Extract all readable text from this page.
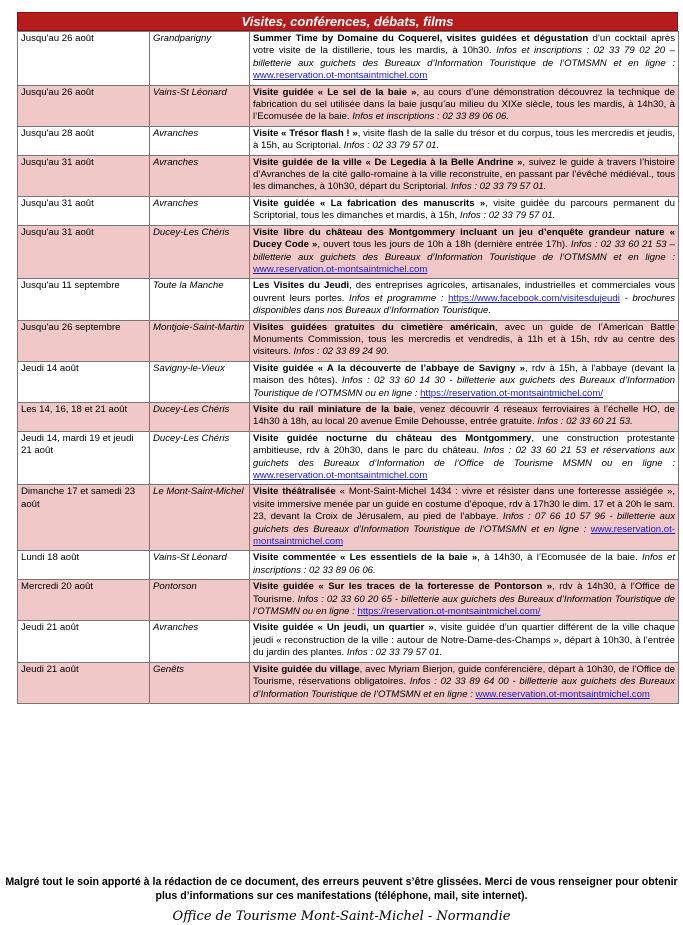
Visites, conférences, débats, films
Jusqu'au 26 août	Grandparigny	Summer Time by Domaine du Coquerel, visites guidées et dégustation d’un cocktail après votre visite de la distillerie, tous les mardis, à 10h30. Infos et inscriptions : 02 33 79 02 20 – billetterie aux guichets des Bureaux d’Information Touristique de l’OTMSMN et en ligne : www.reservation.ot-montsaintmichel.com
Jusqu'au 26 août	Vains-St Léonard	Visite guidée « Le sel de la baie », au cours d’une démonstration découvrez la technique de fabrication du sel utilisée dans la baie jusqu’au milieu du XIXe siècle, tous les mardis, à 14h30, à l’Ecomusée de la baie. Infos et inscriptions : 02 33 89 06 06.
Jusqu'au 28 août	Avranches	Visite « Trésor flash ! », visite flash de la salle du trésor et du corpus, tous les mercredis et jeudis, à 15h, au Scriptorial. Infos : 02 33 79 57 01.
Jusqu'au 31 août	Avranches	Visite guidée de la ville « De Legedia à la Belle Andrine », suivez le guide à travers l’histoire d’Avranches de la cité gallo-romaine à la ville reconstruite, en passant par l’évêché médiéval., tous les dimanches, à 10h30, départ du Scriptorial. Infos : 02 33 79 57 01.
Jusqu'au 31 août	Avranches	Visite guidée « La fabrication des manuscrits », visite guidée du parcours permanent du Scriptorial, tous les dimanches et mardis, à 15h, Infos : 02 33 79 57 01.
Jusqu'au 31 août	Ducey-Les Chéris	Visite libre du château des Montgommery incluant un jeu d’enquête grandeur nature « Ducey Code », ouvert tous les jours de 10h à 18h (dernière entrée 17h). Infos : 02 33 60 21 53 – billetterie aux guichets des Bureaux d’Information Touristique de l’OTMSMN et en ligne : www.reservation.ot-montsaintmichel.com
Jusqu'au 11 septembre	Toute la Manche	Les Visites du Jeudi, des entreprises agricoles, artisanales, industrielles et commerciales vous ouvrent leurs portes. Infos et programme : https://www.facebook.com/visitesdujeudi - brochures disponibles dans nos Bureaux d’Information Touristique.
Jusqu'au 26 septembre	Montjoie-Saint-Martin	Visites guidées gratuites du cimetière américain, avec un guide de l’American Battle Monuments Commission, tous les mercredis et vendredis, à 11h et à 15h, rdv au centre des visiteurs. Infos : 02 33 89 24 90.
Jeudi 14 août	Savigny-le-Vieux	Visite guidée « A la découverte de l’abbaye de Savigny », rdv à 15h, à l’abbaye (devant la maison des hôtes). Infos : 02 33 60 14 30 - billetterie aux guichets des Bureaux d’Information Touristique de l’OTMSMN ou en ligne : https://reservation.ot-montsaintmichel.com/
Les 14, 16, 18 et 21 août	Ducey-Les Chéris	Visite du rail miniature de la baie, venez découvrir 4 réseaux ferroviaires à l’échelle HO, de 14h30 à 18h, au local 20 avenue Emile Dehousse, entrée gratuite. Infos : 02 33 60 21 53.
Jeudi 14, mardi 19 et jeudi 21 août	Ducey-Les Chéris	Visite guidée nocturne du château des Montgommery, une construction protestante ambitieuse, rdv à 20h30, dans le parc du château. Infos : 02 33 60 21 53 et réservations aux guichets des Bureaux d’Information de l’Office de Tourisme MSMN ou en ligne : www.reservation.ot-montsaintmichel.com
Dimanche 17 et samedi 23 août	Le Mont-Saint-Michel	Visite théâtralisée « Mont-Saint-Michel 1434 : vivre et résister dans une forteresse assiégée », visite immersive menée par un guide en costume d’époque, rdv à 17h30 le dim. 17 et à 20h le sam. 23, devant la Croix de Jérusalem, au pied de l’abbaye. Infos : 07 66 10 57 96 - billetterie aux guichets des Bureaux d’Information Touristique de l’OTMSMN et en ligne : www.reservation.ot-montsaintmichel.com
Lundi 18 août	Vains-St Léonard	Visite commentée « Les essentiels de la baie », à 14h30, à l’Ecomusée de la baie. Infos et inscriptions : 02 33 89 06 06.
Mercredi 20 août	Pontorson	Visite guidée « Sur les traces de la forteresse de Pontorson », rdv à 14h30, à l’Office de Tourisme. Infos : 02 33 60 20 65 - billetterie aux guichets des Bureaux d’Information Touristique de l’OTMSMN ou en ligne : https://reservation.ot-montsaintmichel.com/
Jeudi 21 août	Avranches	Visite guidée « Un jeudi, un quartier », visite guidée d’un quartier différent de la ville chaque jeudi « reconstruction de la ville : autour de Notre-Dame-des-Champs », départ à 10h30, à l’entrée du jardin des plantes. Infos : 02 33 79 57 01.
Jeudi 21 août	Genêts	Visite guidée du village, avec Myriam Bierjon, guide conférencière, départ à 10h30, de l’Office de Tourisme, réservations obligatoires. Infos : 02 33 89 64 00 - billetterie aux guichets des Bureaux d’Information Touristique de l’OTMSMN et en ligne : www.reservation.ot-montsaintmichel.com
Malgré tout le soin apporté à la rédaction de ce document, des erreurs peuvent s’être glissées. Merci de vous renseigner pour obtenir plus d’informations sur ces manifestations (téléphone, mail, site internet).
Office de Tourisme Mont-Saint-Michel - Normandie
